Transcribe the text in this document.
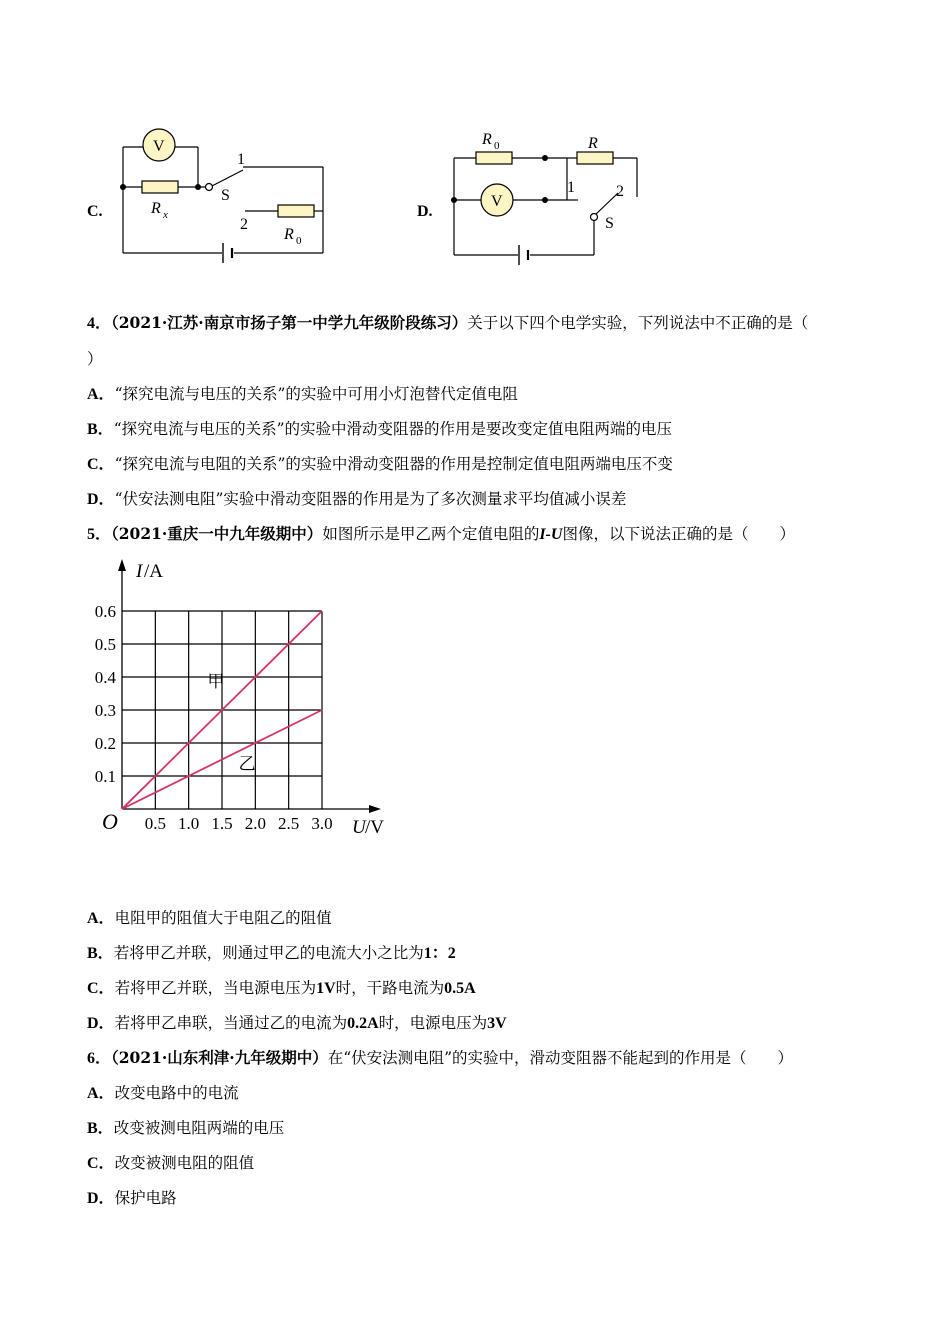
C.
V
R x
S
1
2
R 0
D.
V
R 0	R
1	2
S
4．（2021·江苏·南京市扬子第一中学九年级阶段练习）关于以下四个电学实验，下列说法中不正确的是（
）
A．“探究电流与电压的关系”的实验中可用小灯泡替代定值电阻
B．“探究电流与电压的关系”的实验中滑动变阻器的作用是要改变定值电阻两端的电压
C．“探究电流与电阻的关系”的实验中滑动变阻器的作用是控制定值电阻两端电压不变
D．“伏安法测电阻”实验中滑动变阻器的作用是为了多次测量求平均值减小误差
5．（2021·重庆一中九年级期中）如图所示是甲乙两个定值电阻的I-U图像，以下说法正确的是（　　）
0.5 1.0 1.5 2.0 2.5 3.0
0.1
0.2
0.3
0.4
0.5
0.6
I /A
U /V
O
甲
乙
A．电阻甲的阻值大于电阻乙的阻值
B．若将甲乙并联，则通过甲乙的电流大小之比为1：2
C．若将甲乙并联，当电源电压为1V时，干路电流为0.5A
D．若将甲乙串联，当通过乙的电流为0.2A时，电源电压为3V
6．（2021·山东利津·九年级期中）在“伏安法测电阻”的实验中，滑动变阻器不能起到的作用是（　　）
A．改变电路中的电流
B．改变被测电阻两端的电压
C．改变被测电阻的阻值
D．保护电路
